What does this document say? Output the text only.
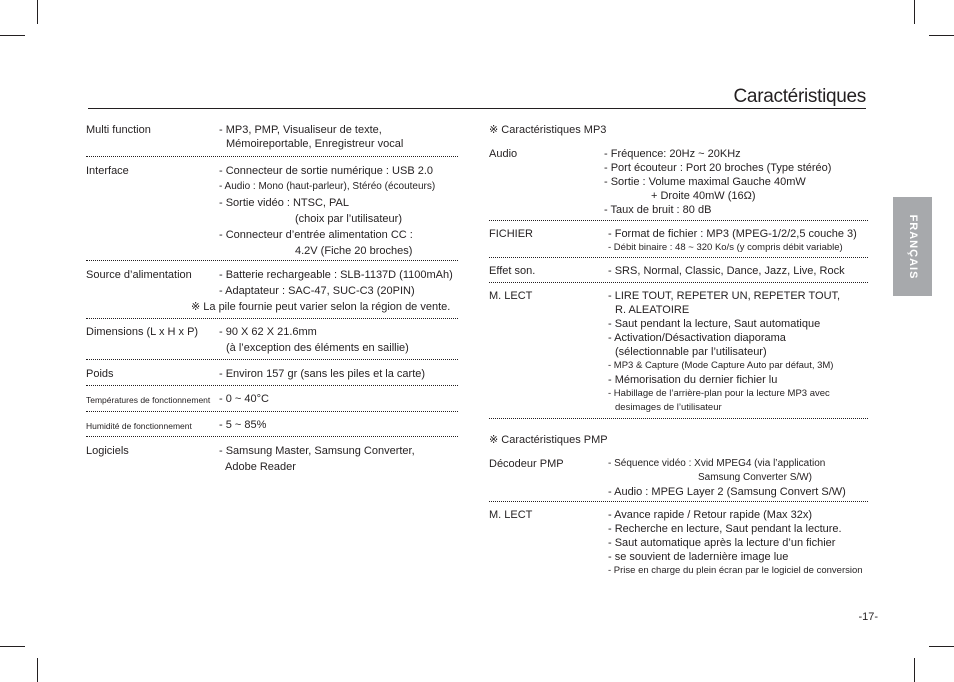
Caractéristiques
FRANÇAIS
-17-
Multi function	- MP3, PMP, Visualiseur de texte,
Mémoireportable, Enregistreur vocal
Interface	- Connecteur de sortie numérique : USB 2.0
- Audio : Mono (haut-parleur), Stéréo (écouteurs)
- Sortie vidéo : NTSC, PAL
(choix par l’utilisateur)
- Connecteur d’entrée alimentation CC :
4.2V (Fiche 20 broches)
Source d’alimentation - Batterie rechargeable : SLB-1137D (1100mAh)
- Adaptateur : SAC-47, SUC-C3 (20PIN)
※ La pile fournie peut varier selon la région de vente.
Dimensions (L x H x P) - 90 X 62 X 21.6mm
(à l’exception des éléments en saillie)
Poids	- Environ 157 gr (sans les piles et la carte)
Températures de fonctionnement - 0 ~ 40°C
Humidité de fonctionnement - 5 ~ 85%
Logiciels	- Samsung Master, Samsung Converter,
Adobe Reader
※ Caractéristiques MP3
Audio	- Fréquence: 20Hz ~ 20KHz
- Port écouteur : Port 20 broches (Type stéréo)
- Sortie : Volume maximal Gauche 40mW
+ Droite 40mW (16Ω)
- Taux de bruit : 80 dB
FICHIER	- Format de fichier : MP3 (MPEG-1/2/2,5 couche 3)
- Débit binaire : 48 ~ 320 Ko/s (y compris débit variable)
Effet son.	- SRS, Normal, Classic, Dance, Jazz, Live, Rock
M. LECT	- LIRE TOUT, REPETER UN, REPETER TOUT,
R. ALEATOIRE
- Saut pendant la lecture, Saut automatique
- Activation/Désactivation diaporama
(sélectionnable par l’utilisateur)
- MP3 & Capture (Mode Capture Auto par défaut, 3M)
- Mémorisation du dernier fichier lu
- Habillage de l’arrière-plan pour la lecture MP3 avec
desimages de l’utilisateur
※ Caractéristiques PMP
Décodeur PMP	- Séquence vidéo : Xvid MPEG4 (via l’application
Samsung Converter S/W)
- Audio : MPEG Layer 2 (Samsung Convert S/W)
M. LECT	- Avance rapide / Retour rapide (Max 32x)
- Recherche en lecture, Saut pendant la lecture.
- Saut automatique après la lecture d’un fichier
- se souvient de ladernière image lue
- Prise en charge du plein écran par le logiciel de conversion
